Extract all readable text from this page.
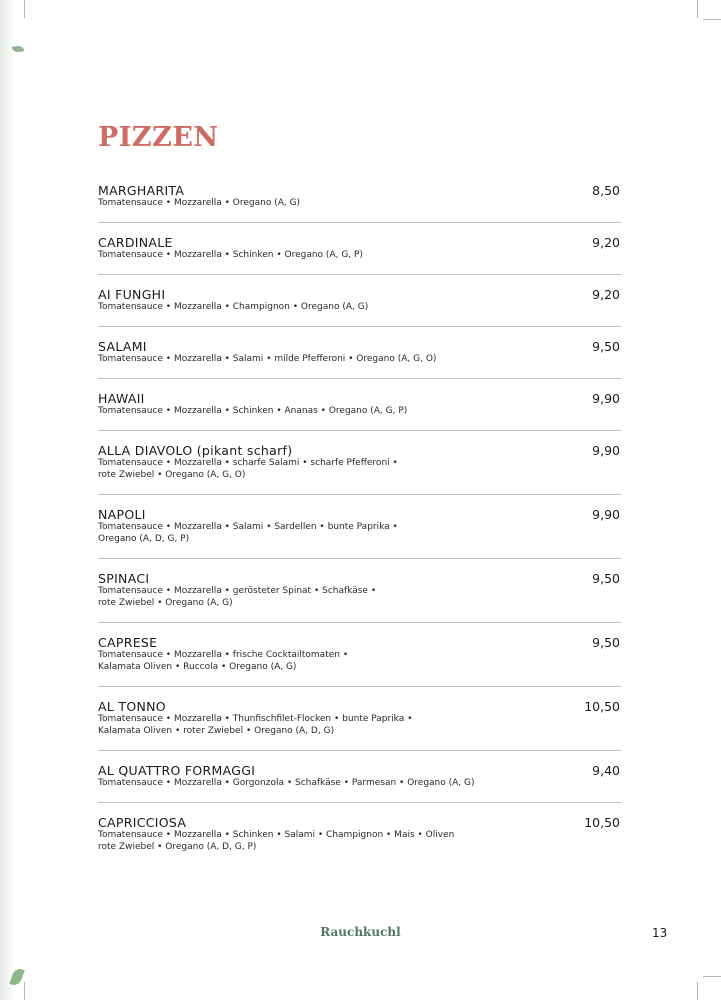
PIZZEN
MARGHARITA
Tomatensauce • Mozzarella • Oregano (A, G)
8,50
CARDINALE
Tomatensauce • Mozzarella • Schinken • Oregano (A, G, P)
9,20
AI FUNGHI
Tomatensauce • Mozzarella • Champignon • Oregano (A, G)
9,20
SALAMI
Tomatensauce • Mozzarella • Salami • milde Pfefferoni • Oregano (A, G, O)
9,50
HAWAII
Tomatensauce • Mozzarella • Schinken • Ananas • Oregano (A, G, P)
9,90
ALLA DIAVOLO (pikant scharf)
Tomatensauce • Mozzarella • scharfe Salami • scharfe Pfefferoni •
rote Zwiebel • Oregano (A, G, O)
9,90
NAPOLI
Tomatensauce • Mozzarella • Salami • Sardellen • bunte Paprika •
Oregano (A, D, G, P)
9,90
SPINACI
Tomatensauce • Mozzarella • gerösteter Spinat • Schafkäse •
rote Zwiebel • Oregano (A, G)
9,50
CAPRESE
Tomatensauce • Mozzarella • frische Cocktailtomaten •
Kalamata Oliven • Ruccola • Oregano (A, G)
9,50
AL TONNO
Tomatensauce • Mozzarella • Thunfischfilet-Flocken • bunte Paprika •
Kalamata Oliven • roter Zwiebel • Oregano (A, D, G)
10,50
AL QUATTRO FORMAGGI
Tomatensauce • Mozzarella • Gorgonzola • Schafkäse • Parmesan • Oregano (A, G)
9,40
CAPRICCIOSA
Tomatensauce • Mozzarella • Schinken • Salami • Champignon • Mais • Oliven
rote Zwiebel • Oregano (A, D, G, P)
10,50
Rauchkuchl	13
